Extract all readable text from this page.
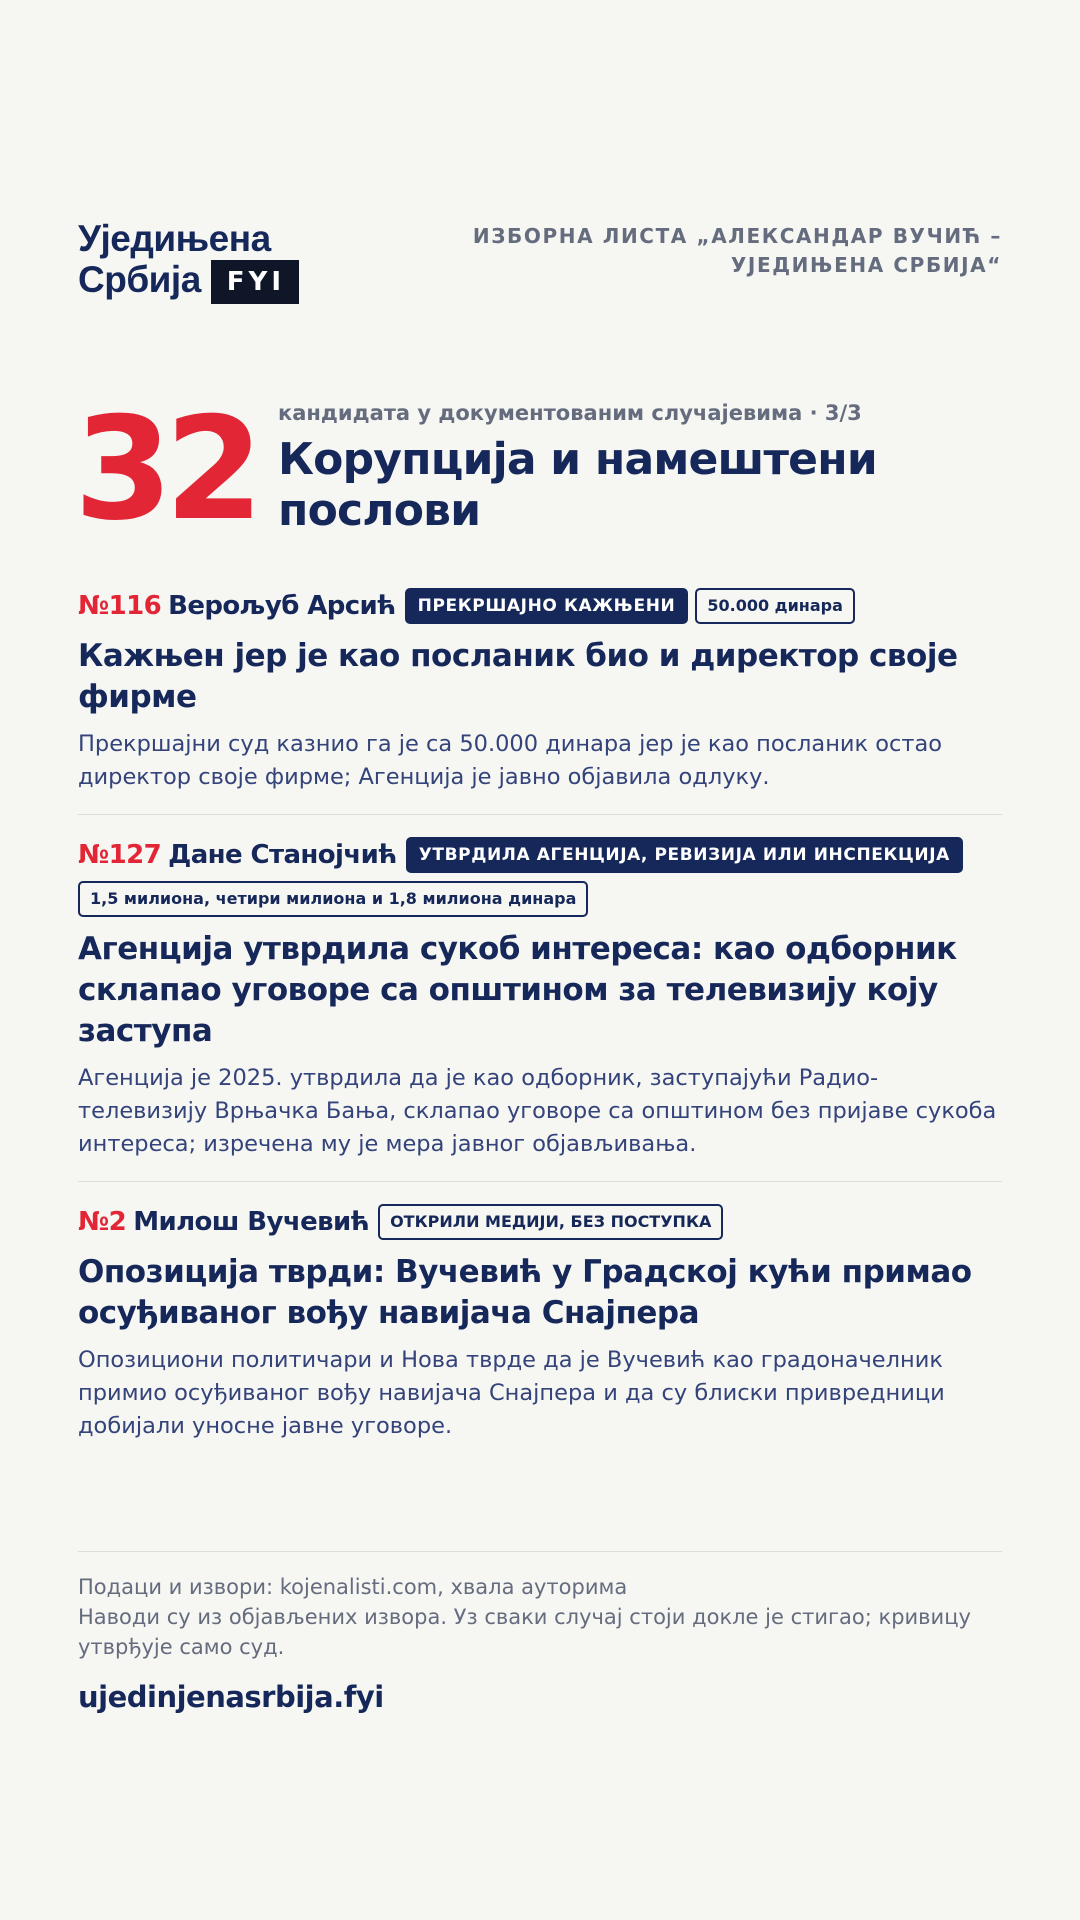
Уједињена
Србија FYI
ИЗБОРНА ЛИСТА „АЛЕКСАНДАР ВУЧИЋ – УЈЕДИЊЕНА СРБИЈА“
32 кандидата у документованим случајевима · 3/3
Корупција и намештени послови
№116 Верољуб Арсић	ПРЕКРШАЈНО КАЖЊЕНИ	50.000 динара
Кажњен јер је као посланик био и директор своје фирме
Прекршајни суд казнио га је са 50.000 динара јер је као посланик остао директор своје фирме; Агенција је јавно објавила одлуку.
№127 Дане Станојчић	УТВРДИЛА АГЕНЦИЈА, РЕВИЗИЈА ИЛИ ИНСПЕКЦИЈА
1,5 милиона, четири милиона и 1,8 милиона динара
Агенција утврдила сукоб интереса: као одборник склапао уговоре са општином за телевизију коју заступа
Агенција је 2025. утврдила да је као одборник, заступајући Радио-телевизију Врњачка Бања, склапао уговоре са општином без пријаве сукоба интереса; изречена му је мера јавног објављивања.
№2 Милош Вучевић	ОТКРИЛИ МЕДИЈИ, БЕЗ ПОСТУПКА
Опозиција тврди: Вучевић у Градској кући примао осуђиваног вођу навијача Снајпера
Опозициони политичари и Нова тврде да је Вучевић као градоначелник примио осуђиваног вођу навијача Снајпера и да су блиски привредници добијали уносне јавне уговоре.
Подаци и извори: kojenalisti.com, хвала ауторима
Наводи су из објављених извора. Уз сваки случај стоји докле је стигао; кривицу утврђује само суд.
ujedinjenasrbija.fyi
